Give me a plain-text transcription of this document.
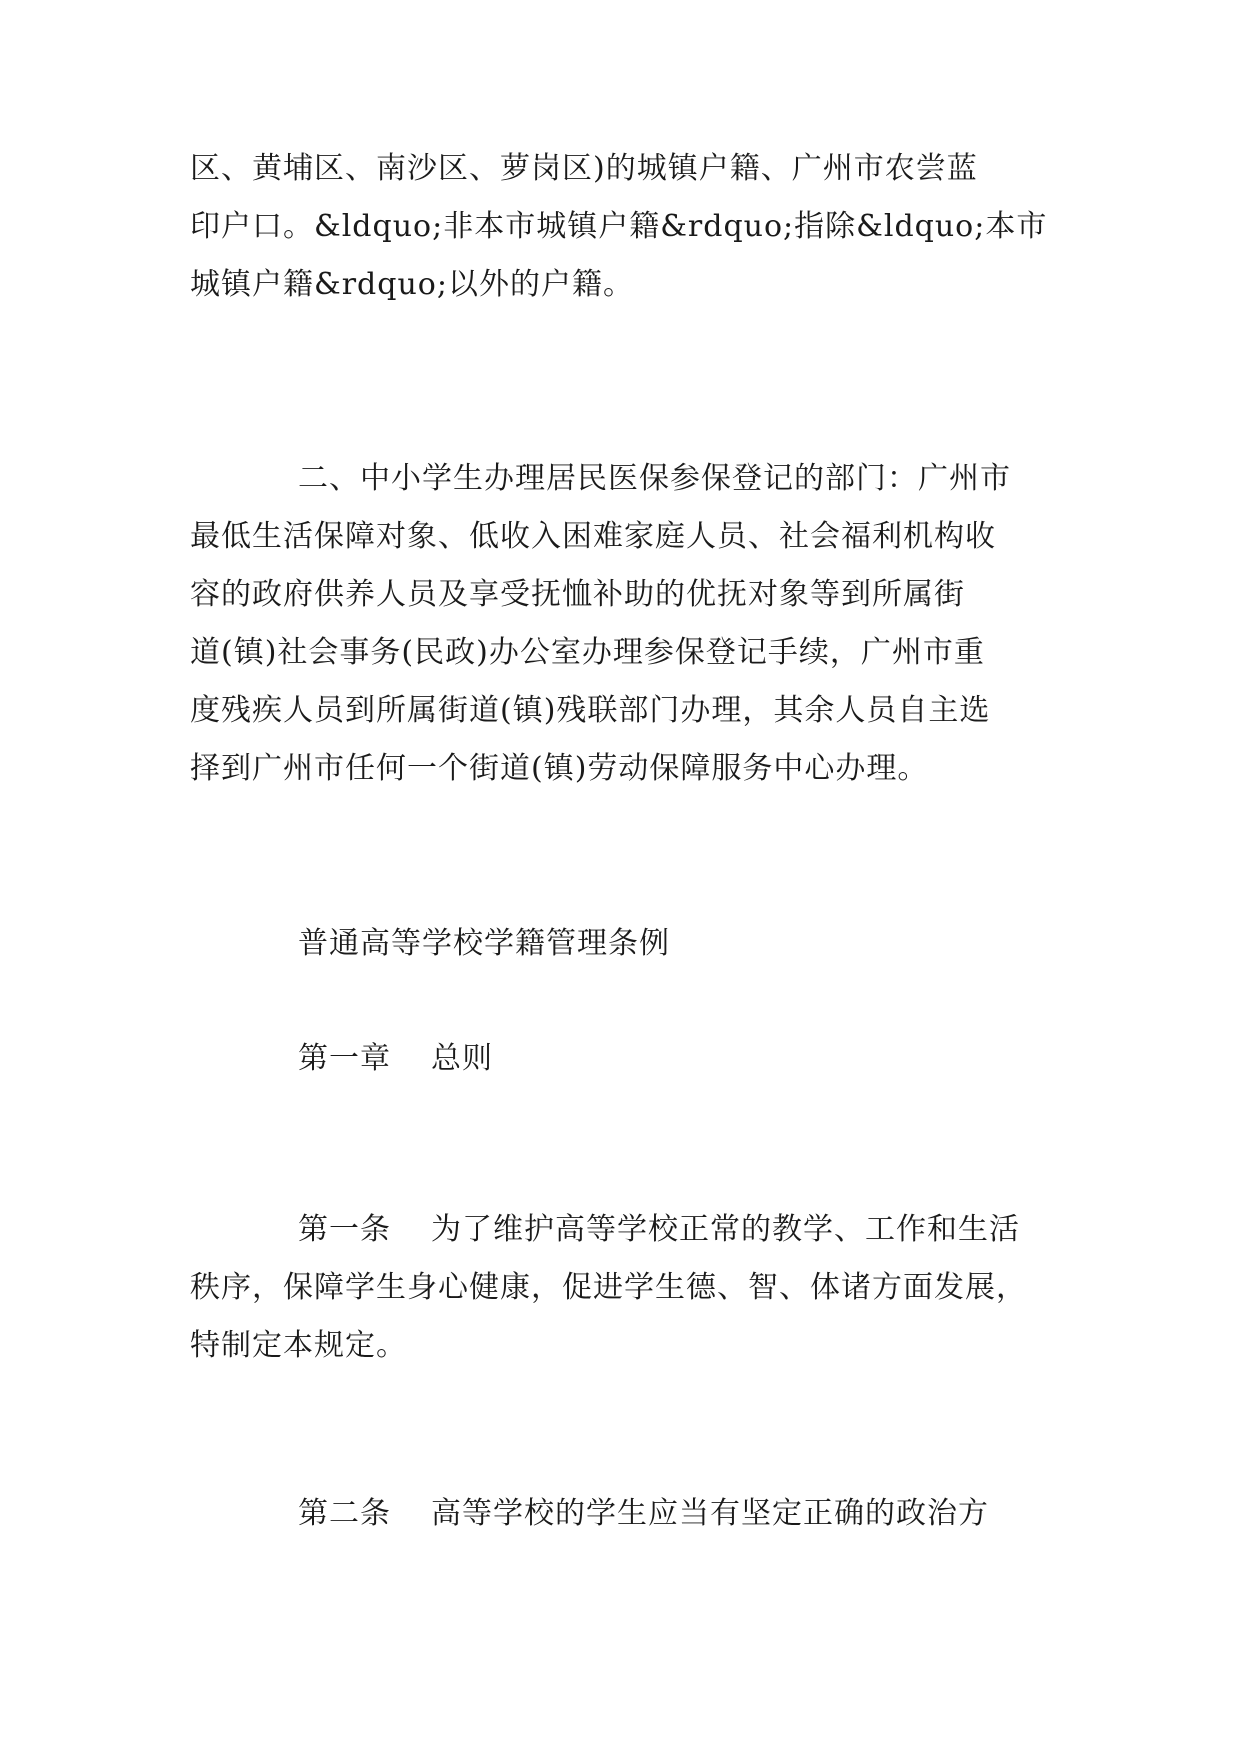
区、黄埔区、南沙区、萝岗区)的城镇户籍、广州市农尝蓝
印户口。&ldquo;非本市城镇户籍&rdquo;指除&ldquo;本市
城镇户籍&rdquo;以外的户籍。
二、中小学生办理居民医保参保登记的部门：广州市
最低生活保障对象、低收入困难家庭人员、社会福利机构收
容的政府供养人员及享受抚恤补助的优抚对象等到所属街
道(镇)社会事务(民政)办公室办理参保登记手续，广州市重
度残疾人员到所属街道(镇)残联部门办理，其余人员自主选
择到广州市任何一个街道(镇)劳动保障服务中心办理。
普通高等学校学籍管理条例
第一章 总则
第一条 为了维护高等学校正常的教学、工作和生活
秩序，保障学生身心健康，促进学生德、智、体诸方面发展，
特制定本规定。
第二条 高等学校的学生应当有坚定正确的政治方
